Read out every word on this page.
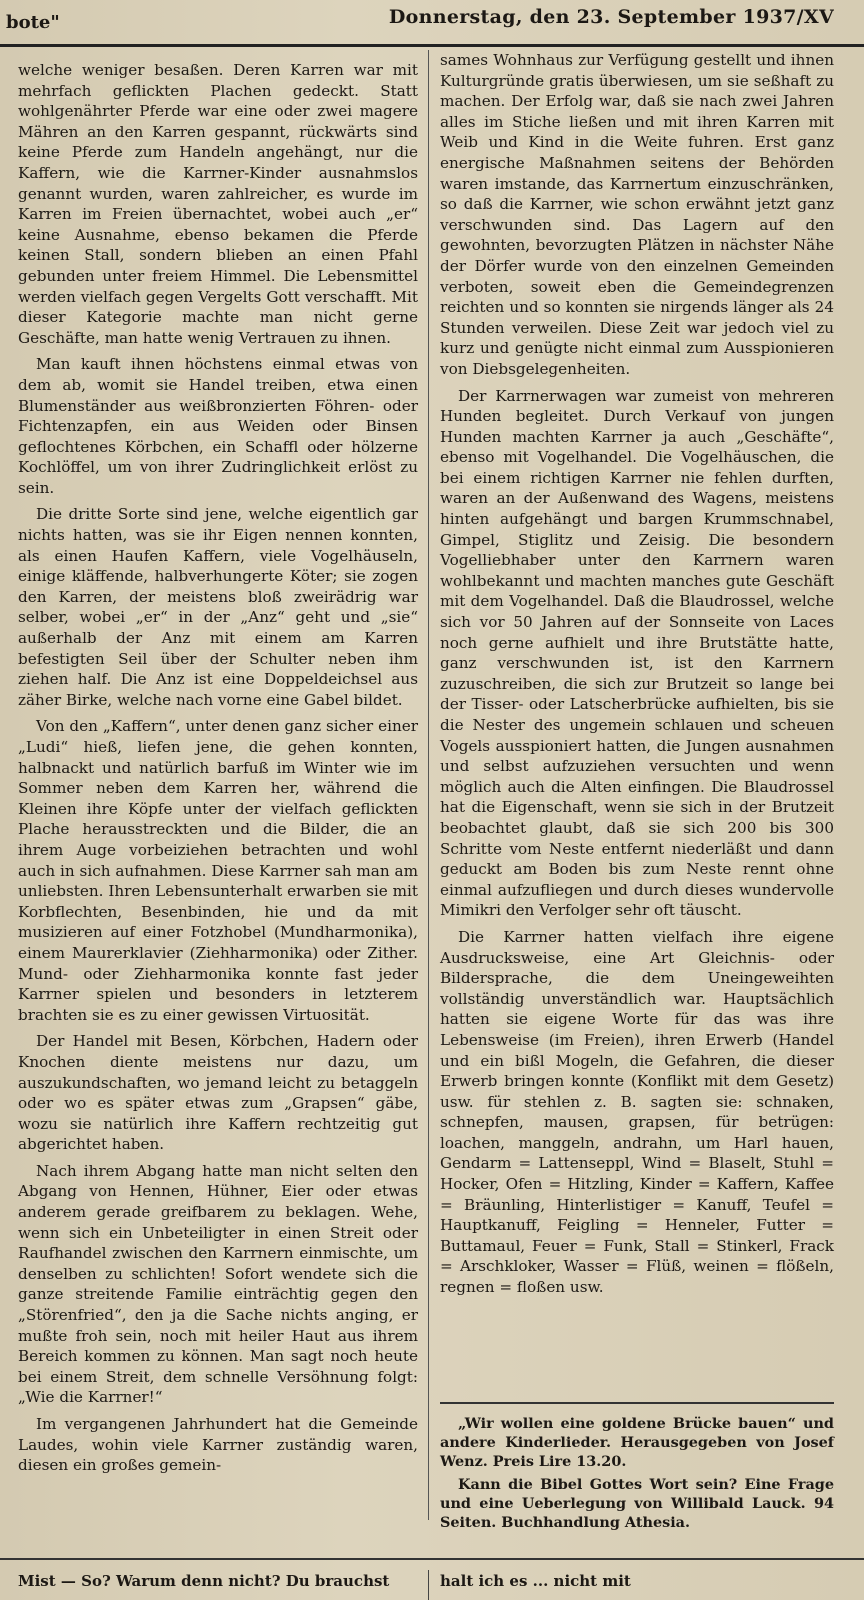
bote"	Donnerstag, den 23. September 1937/XV

welche weniger besaßen. Deren Karren war mit mehrfach geflickten Plachen gedeckt. Statt wohlgenährter Pferde war eine oder zwei magere Mähren an den Karren gespannt, rückwärts sind keine Pferde zum Handeln angehängt, nur die Kaffern, wie die Karrner-Kinder ausnahmslos genannt wurden, waren zahlreicher, es wurde im Karren im Freien übernachtet, wobei auch „er“ keine Ausnahme, ebenso bekamen die Pferde keinen Stall, sondern blieben an einen Pfahl gebunden unter freiem Himmel. Die Lebensmittel werden vielfach gegen Vergelts Gott verschafft. Mit dieser Kategorie machte man nicht gerne Geschäfte, man hatte wenig Vertrauen zu ihnen.

Man kauft ihnen höchstens einmal etwas von dem ab, womit sie Handel treiben, etwa einen Blumenständer aus weißbronzierten Föhren- oder Fichtenzapfen, ein aus Weiden oder Binsen geflochtenes Körbchen, ein Schaffl oder hölzerne Kochlöffel, um von ihrer Zudringlichkeit erlöst zu sein.

Die dritte Sorte sind jene, welche eigentlich gar nichts hatten, was sie ihr Eigen nennen konnten, als einen Haufen Kaffern, viele Vogelhäuseln, einige kläffende, halbverhungerte Köter; sie zogen den Karren, der meistens bloß zweirädrig war selber, wobei „er“ in der „Anz“ geht und „sie“ außerhalb der Anz mit einem am Karren befestigten Seil über der Schulter neben ihm ziehen half. Die Anz ist eine Doppeldeichsel aus zäher Birke, welche nach vorne eine Gabel bildet.

Von den „Kaffern“, unter denen ganz sicher einer „Ludi“ hieß, liefen jene, die gehen konnten, halbnackt und natürlich barfuß im Winter wie im Sommer neben dem Karren her, während die Kleinen ihre Köpfe unter der vielfach geflickten Plache herausstreckten und die Bilder, die an ihrem Auge vorbeiziehen betrachten und wohl auch in sich aufnahmen. Diese Karrner sah man am unliebsten. Ihren Lebensunterhalt erwarben sie mit Korbflechten, Besenbinden, hie und da mit musizieren auf einer Fotzhobel (Mundharmonika), einem Maurerklavier (Ziehharmonika) oder Zither. Mund- oder Ziehharmonika konnte fast jeder Karrner spielen und besonders in letzterem brachten sie es zu einer gewissen Virtuosität.

Der Handel mit Besen, Körbchen, Hadern oder Knochen diente meistens nur dazu, um auszukundschaften, wo jemand leicht zu betaggeln oder wo es später etwas zum „Grapsen“ gäbe, wozu sie natürlich ihre Kaffern rechtzeitig gut abgerichtet haben.

Nach ihrem Abgang hatte man nicht selten den Abgang von Hennen, Hühner, Eier oder etwas anderem gerade greifbarem zu beklagen. Wehe, wenn sich ein Unbeteiligter in einen Streit oder Raufhandel zwischen den Karrnern einmischte, um denselben zu schlichten! Sofort wendete sich die ganze streitende Familie einträchtig gegen den „Störenfried“, den ja die Sache nichts anging, er mußte froh sein, noch mit heiler Haut aus ihrem Bereich kommen zu können. Man sagt noch heute bei einem Streit, dem schnelle Versöhnung folgt: „Wie die Karrner!“

Im vergangenen Jahrhundert hat die Gemeinde Laudes, wohin viele Karrner zuständig waren, diesen ein großes gemein-

sames Wohnhaus zur Verfügung gestellt und ihnen Kulturgründe gratis überwiesen, um sie seßhaft zu machen. Der Erfolg war, daß sie nach zwei Jahren alles im Stiche ließen und mit ihren Karren mit Weib und Kind in die Weite fuhren. Erst ganz energische Maßnahmen seitens der Behörden waren imstande, das Karrnertum einzuschränken, so daß die Karrner, wie schon erwähnt jetzt ganz verschwunden sind. Das Lagern auf den gewohnten, bevorzugten Plätzen in nächster Nähe der Dörfer wurde von den einzelnen Gemeinden verboten, soweit eben die Gemeindegrenzen reichten und so konnten sie nirgends länger als 24 Stunden verweilen. Diese Zeit war jedoch viel zu kurz und genügte nicht einmal zum Ausspionieren von Diebsgelegenheiten.

Der Karrnerwagen war zumeist von mehreren Hunden begleitet. Durch Verkauf von jungen Hunden machten Karrner ja auch „Geschäfte“, ebenso mit Vogelhandel. Die Vogelhäuschen, die bei einem richtigen Karrner nie fehlen durften, waren an der Außenwand des Wagens, meistens hinten aufgehängt und bargen Krummschnabel, Gimpel, Stiglitz und Zeisig. Die besondern Vogelliebhaber unter den Karrnern waren wohlbekannt und machten manches gute Geschäft mit dem Vogelhandel. Daß die Blaudrossel, welche sich vor 50 Jahren auf der Sonnseite von Laces noch gerne aufhielt und ihre Brutstätte hatte, ganz verschwunden ist, ist den Karrnern zuzuschreiben, die sich zur Brutzeit so lange bei der Tisser- oder Latscherbrücke aufhielten, bis sie die Nester des ungemein schlauen und scheuen Vogels ausspioniert hatten, die Jungen ausnahmen und selbst aufzuziehen versuchten und wenn möglich auch die Alten einfingen. Die Blaudrossel hat die Eigenschaft, wenn sie sich in der Brutzeit beobachtet glaubt, daß sie sich 200 bis 300 Schritte vom Neste entfernt niederläßt und dann geduckt am Boden bis zum Neste rennt ohne einmal aufzufliegen und durch dieses wundervolle Mimikri den Verfolger sehr oft täuscht.

Die Karrner hatten vielfach ihre eigene Ausdrucksweise, eine Art Gleichnis- oder Bildersprache, die dem Uneingeweihten vollständig unverständlich war. Hauptsächlich hatten sie eigene Worte für das was ihre Lebensweise (im Freien), ihren Erwerb (Handel und ein bißl Mogeln, die Gefahren, die dieser Erwerb bringen konnte (Konflikt mit dem Gesetz) usw. für stehlen z. B. sagten sie: schnaken, schnepfen, mausen, grapsen, für betrügen: loachen, manggeln, andrahn, um Harl hauen, Gendarm = Lattenseppl, Wind = Blaselt, Stuhl = Hocker, Ofen = Hitzling, Kinder = Kaffern, Kaffee = Bräunling, Hinterlistiger = Kanuff, Teufel = Hauptkanuff, Feigling = Henneler, Futter = Buttamaul, Feuer = Funk, Stall = Stinkerl, Frack = Arschkloker, Wasser = Flüß, weinen = flößeln, regnen = floßen usw.

„Wir wollen eine goldene Brücke bauen“ und andere Kinderlieder. Herausgegeben von Josef Wenz. Preis Lire 13.20.

Kann die Bibel Gottes Wort sein? Eine Frage und eine Ueberlegung von Willibald Lauck. 94 Seiten. Buchhandlung Athesia.

Mist — So? Warum denn nicht? Du brauchst	halt ich es ... nicht mit
